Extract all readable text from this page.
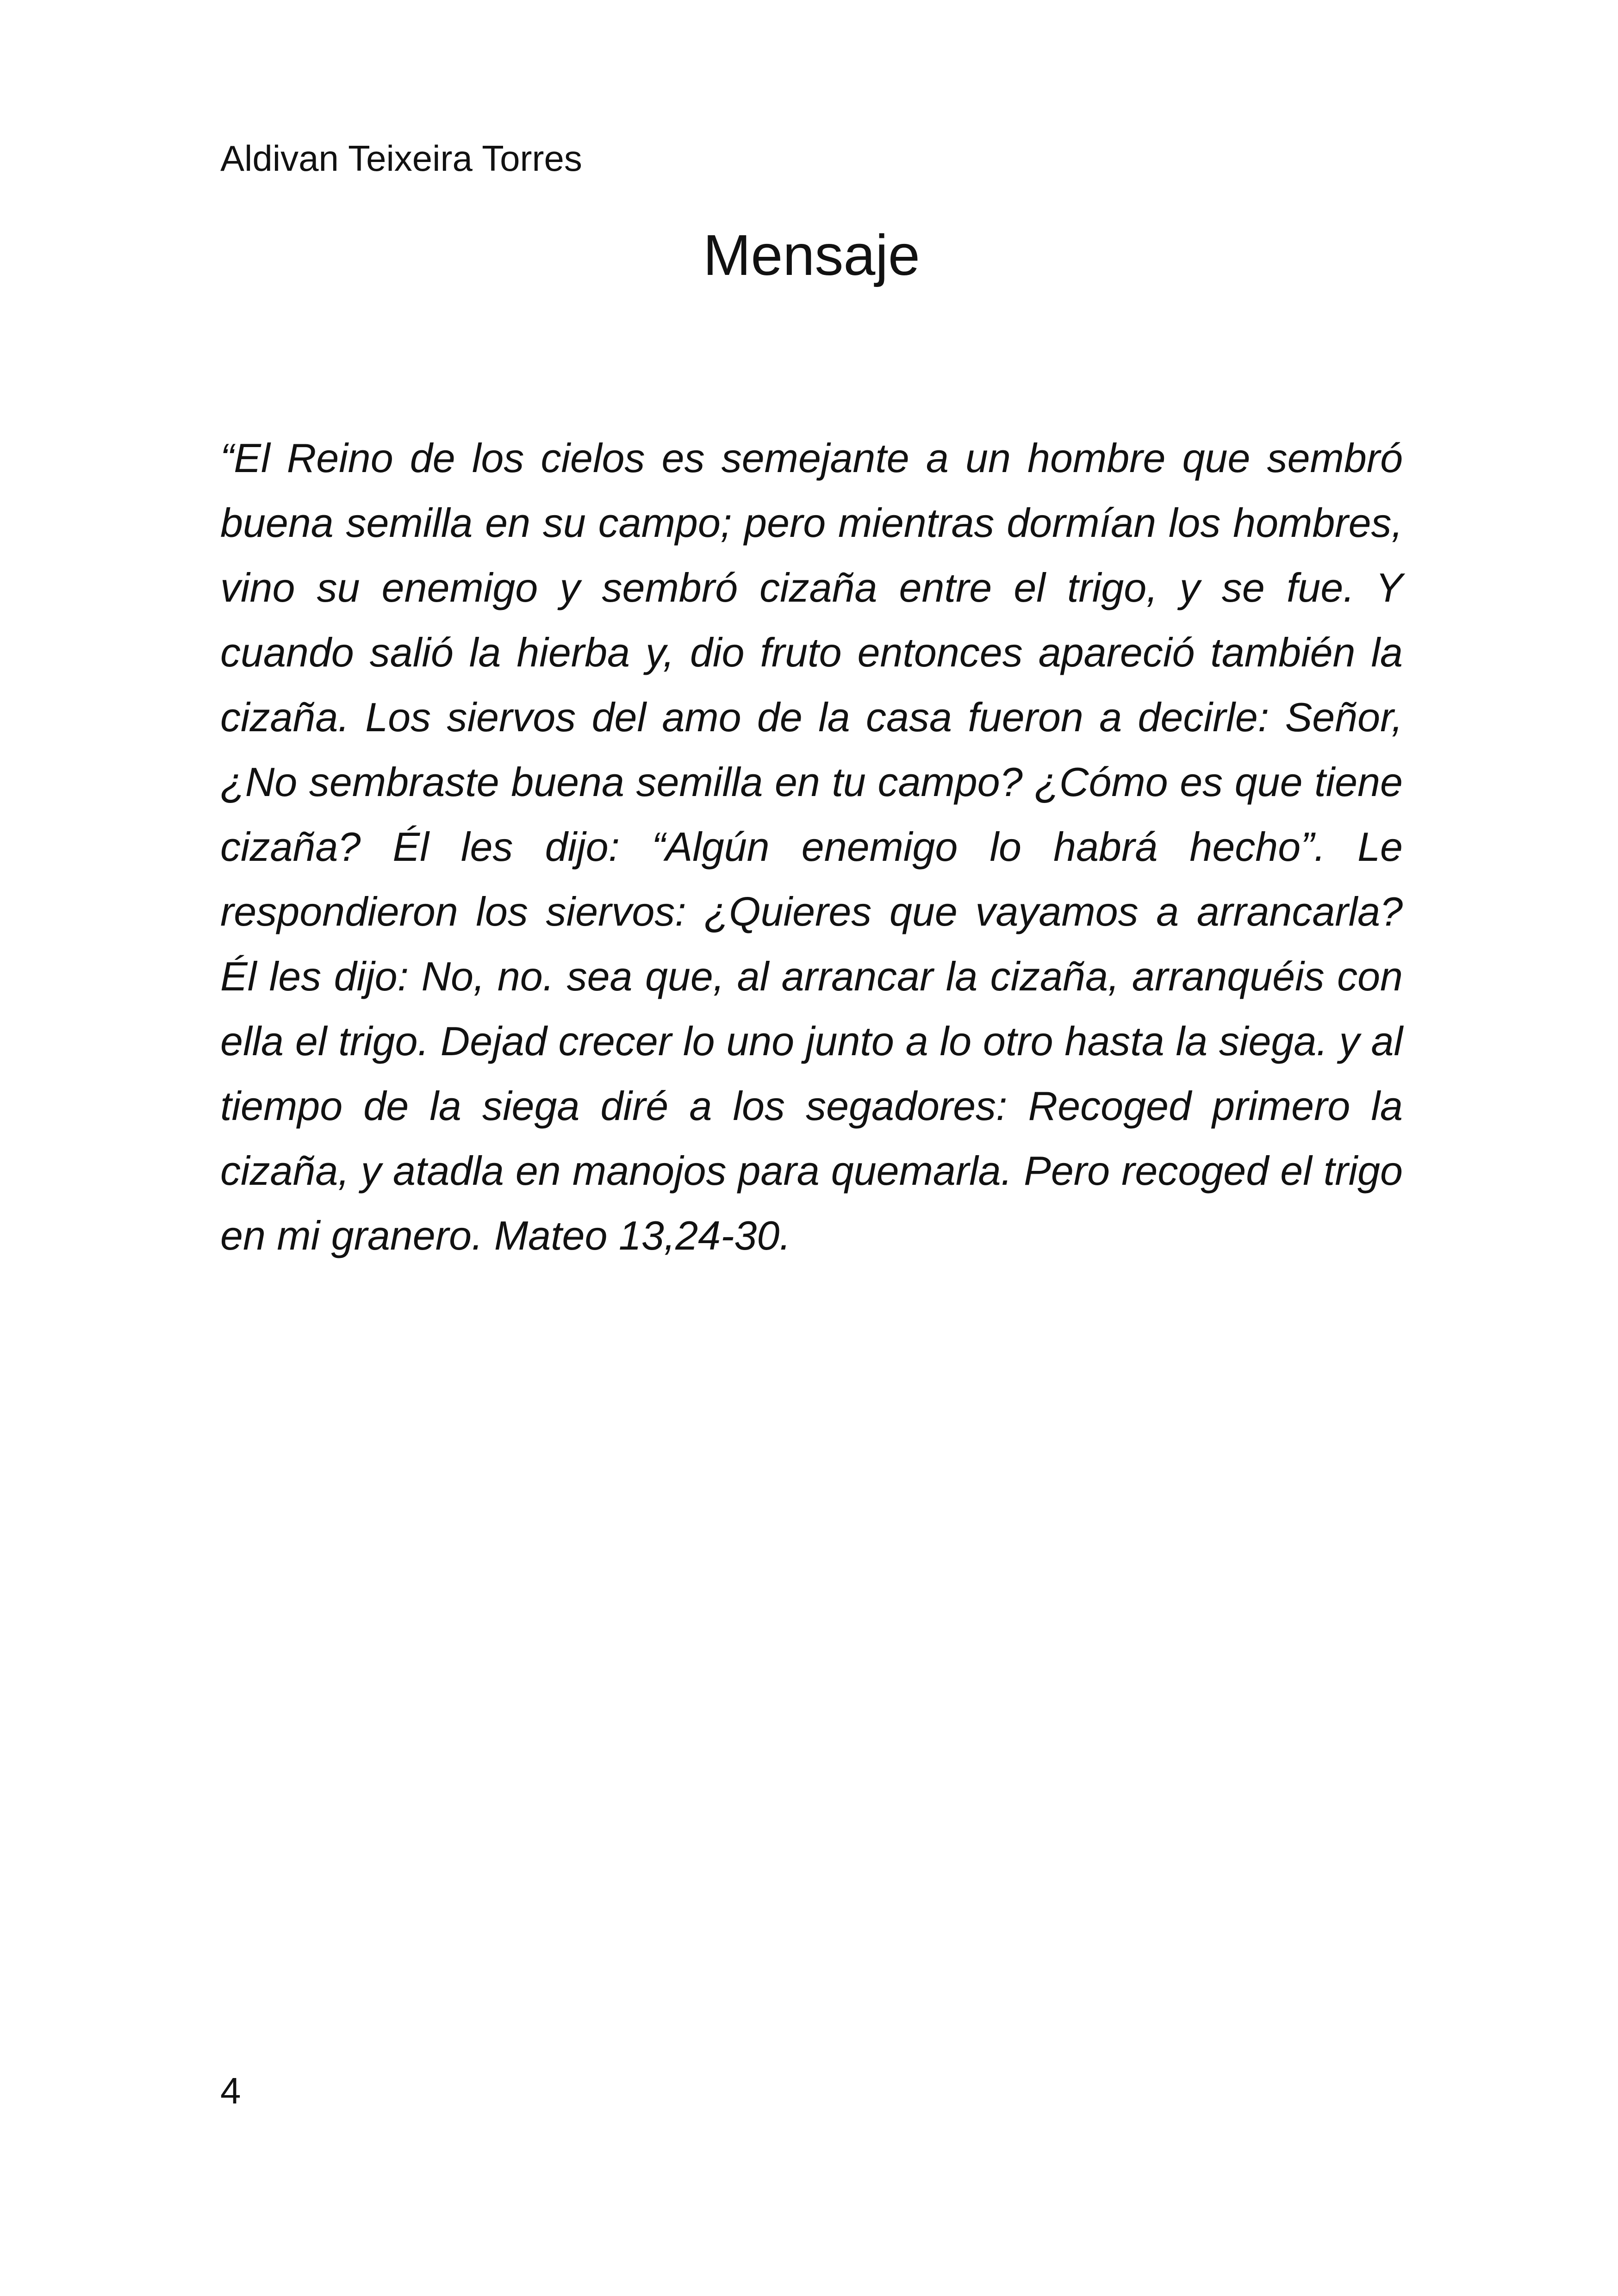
Aldivan Teixeira Torres
Mensaje

“El Reino de los cielos es semejante a un hombre que sembró buena semilla en su campo; pero mientras dormían los hombres, vino su enemigo y sembró cizaña entre el trigo, y se fue. Y cuando salió la hierba y, dio fruto entonces apareció también la cizaña. Los siervos del amo de la casa fueron a decirle: Señor, ¿No sembraste buena semilla en tu campo? ¿Cómo es que tiene cizaña? Él les dijo: “Algún enemigo lo habrá hecho”. Le respondieron los siervos: ¿Quieres que vayamos a arrancarla? Él les dijo: No, no. sea que, al arrancar la cizaña, arranquéis con ella el trigo. Dejad crecer lo uno junto a lo otro hasta la siega. y al tiempo de la siega diré a los segadores: Recoged primero la cizaña, y atadla en manojos para quemarla. Pero recoged el trigo en mi granero. Mateo 13,24-30.

4
